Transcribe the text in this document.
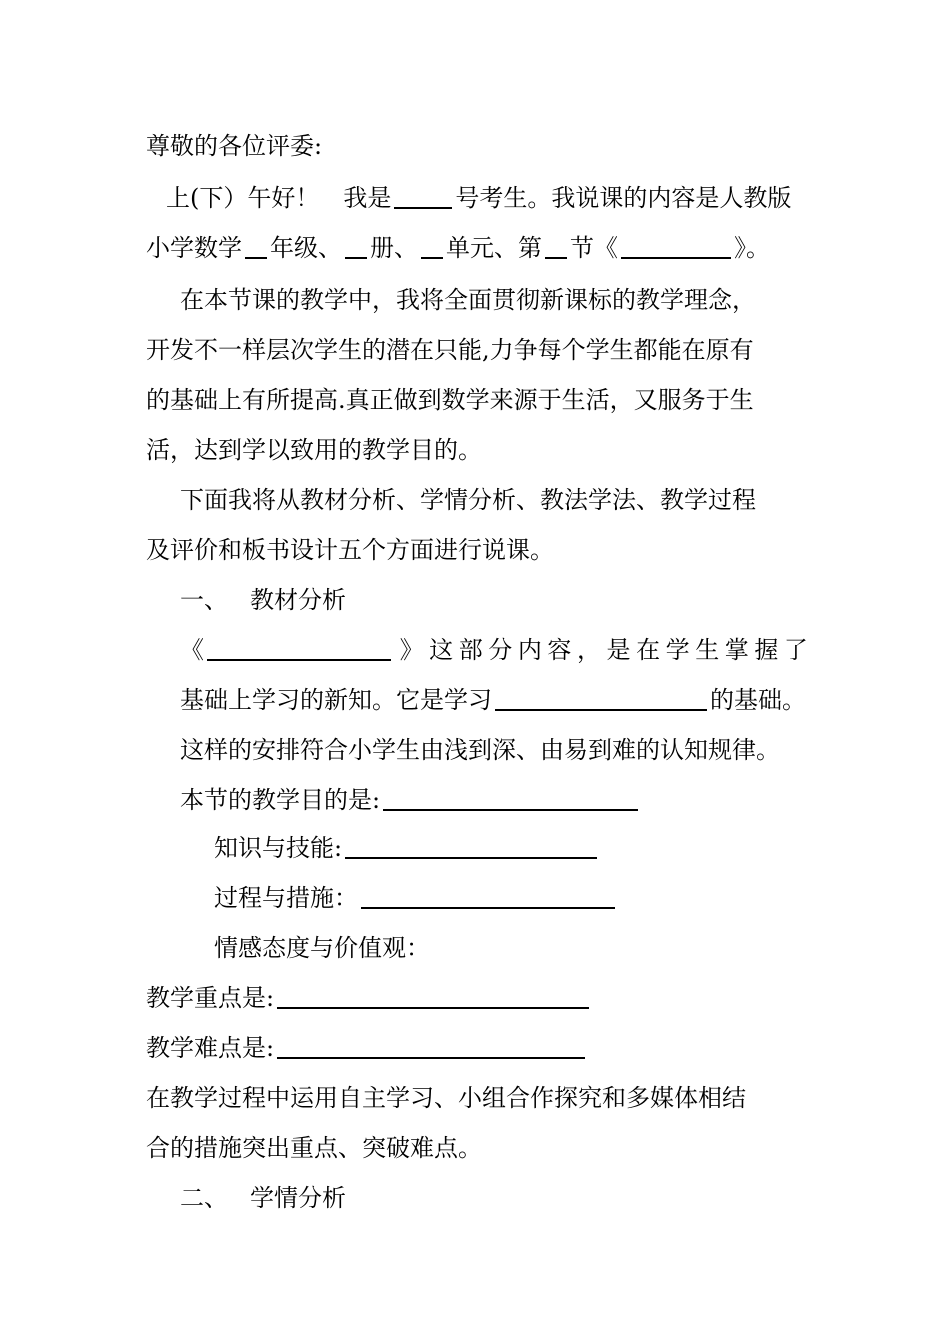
尊敬的各位评委:
上(下）午好！ 我是	号考生。我说课的内容是人教版
小学数学 年级、 册、 单元、第 节《	》。
在本节课的教学中，我将全面贯彻新课标的教学理念，
开发不一样层次学生的潜在只能,力争每个学生都能在原有
的基础上有所提高.真正做到数学来源于生活，又服务于生
活，达到学以致用的教学目的。
下面我将从教材分析、学情分析、教法学法、教学过程
及评价和板书设计五个方面进行说课。
一、 教材分析
《	》 这 部 分 内 容 ， 是 在 学 生 掌 握 了
基础上学习的新知。它是学习	的基础。
这样的安排符合小学生由浅到深、由易到难的认知规律。
本节的教学目的是:
知识与技能:
过程与措施：
情感态度与价值观：
教学重点是:
教学难点是:
在教学过程中运用自主学习、小组合作探究和多媒体相结
合的措施突出重点、突破难点。
二、 学情分析
